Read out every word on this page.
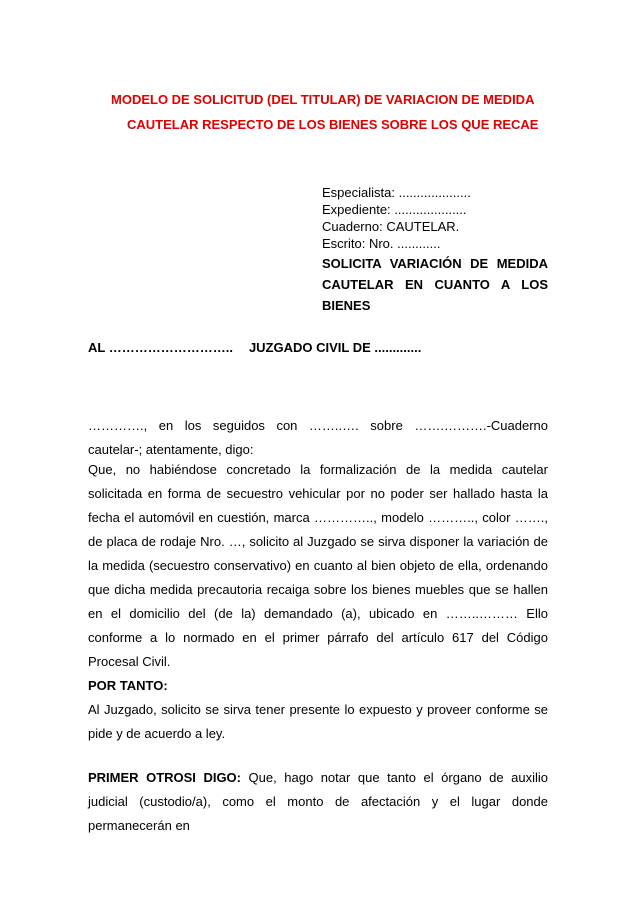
MODELO DE SOLICITUD (DEL TITULAR) DE VARIACION DE MEDIDA
CAUTELAR RESPECTO DE LOS BIENES SOBRE LOS QUE RECAE
Especialista: ....................
Expediente: ....................
Cuaderno: CAUTELAR.
Escrito: Nro. ............
SOLICITA VARIACIÓN DE MEDIDA CAUTELAR EN CUANTO A LOS BIENES
AL ……………………….. JUZGADO CIVIL DE .............
…………., en los seguidos con ……..…. sobre …….……….-Cuaderno cautelar-; atentamente, digo:
Que, no habiéndose concretado la formalización de la medida cautelar solicitada en forma de secuestro vehicular por no poder ser hallado hasta la fecha el automóvil en cuestión, marca ………….., modelo ……….., color ……., de placa de rodaje Nro. …, solicito al Juzgado se sirva disponer la variación de la medida (secuestro conservativo) en cuanto al bien objeto de ella, ordenando que dicha medida precautoria recaiga sobre los bienes muebles que se hallen en el domicilio del (de la) demandado (a), ubicado en ……..……… Ello conforme a lo normado en el primer párrafo del artículo 617 del Código Procesal Civil.
POR TANTO:
Al Juzgado, solicito se sirva tener presente lo expuesto y proveer conforme se pide y de acuerdo a ley.
PRIMER OTROSI DIGO: Que, hago notar que tanto el órgano de auxilio judicial (custodio/a), como el monto de afectación y el lugar donde permanecerán en
